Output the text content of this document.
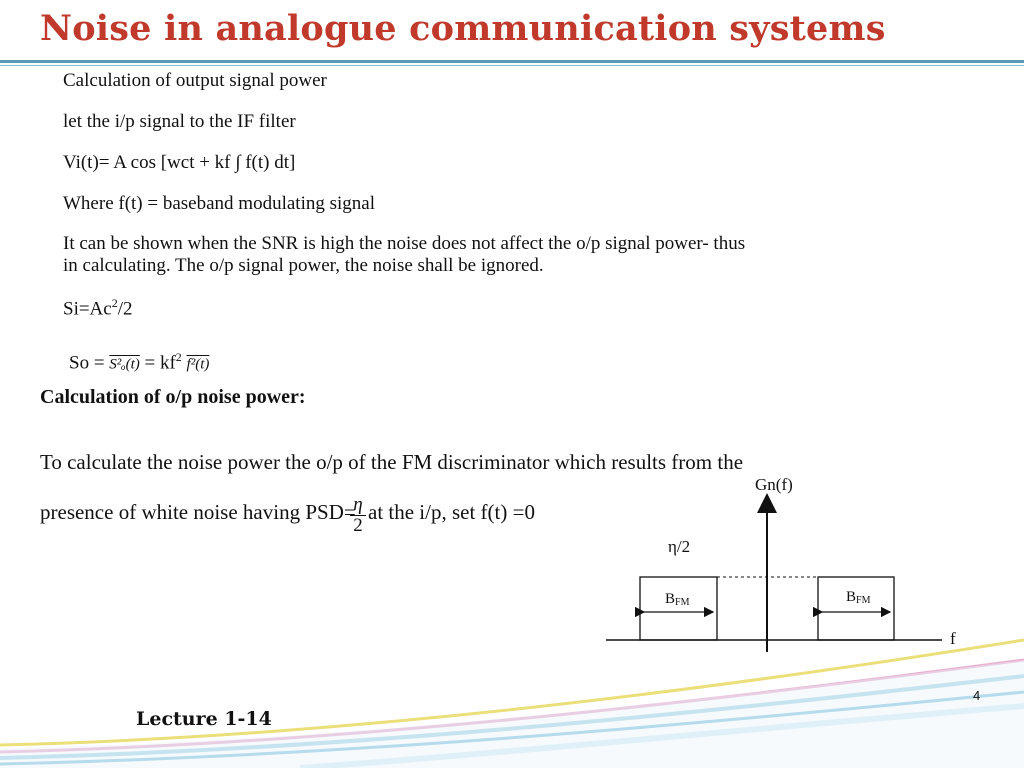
Noise in analogue communication systems
Calculation of output signal power
let the i/p signal to the IF filter
Vi(t)= A cos [wct + kf ∫ f(t) dt]
Where f(t) = baseband modulating signal
It can be shown when the SNR is high the noise does not affect the o/p signal power- thus
in calculating. The o/p signal power, the noise shall be ignored.
$Si=Ac^2/2$
$So = S^2_o(t) = kf^2$ f²(t)
Calculation of o/p noise power:
To calculate the noise power the o/p of the FM discriminator which results from the
presence of white noise having PSD=
$\frac{\eta}{2}$ at the i/p, set f(t) =0
Gn(f)
f
η/2
BFM	BFM
4
Lecture 1-14
